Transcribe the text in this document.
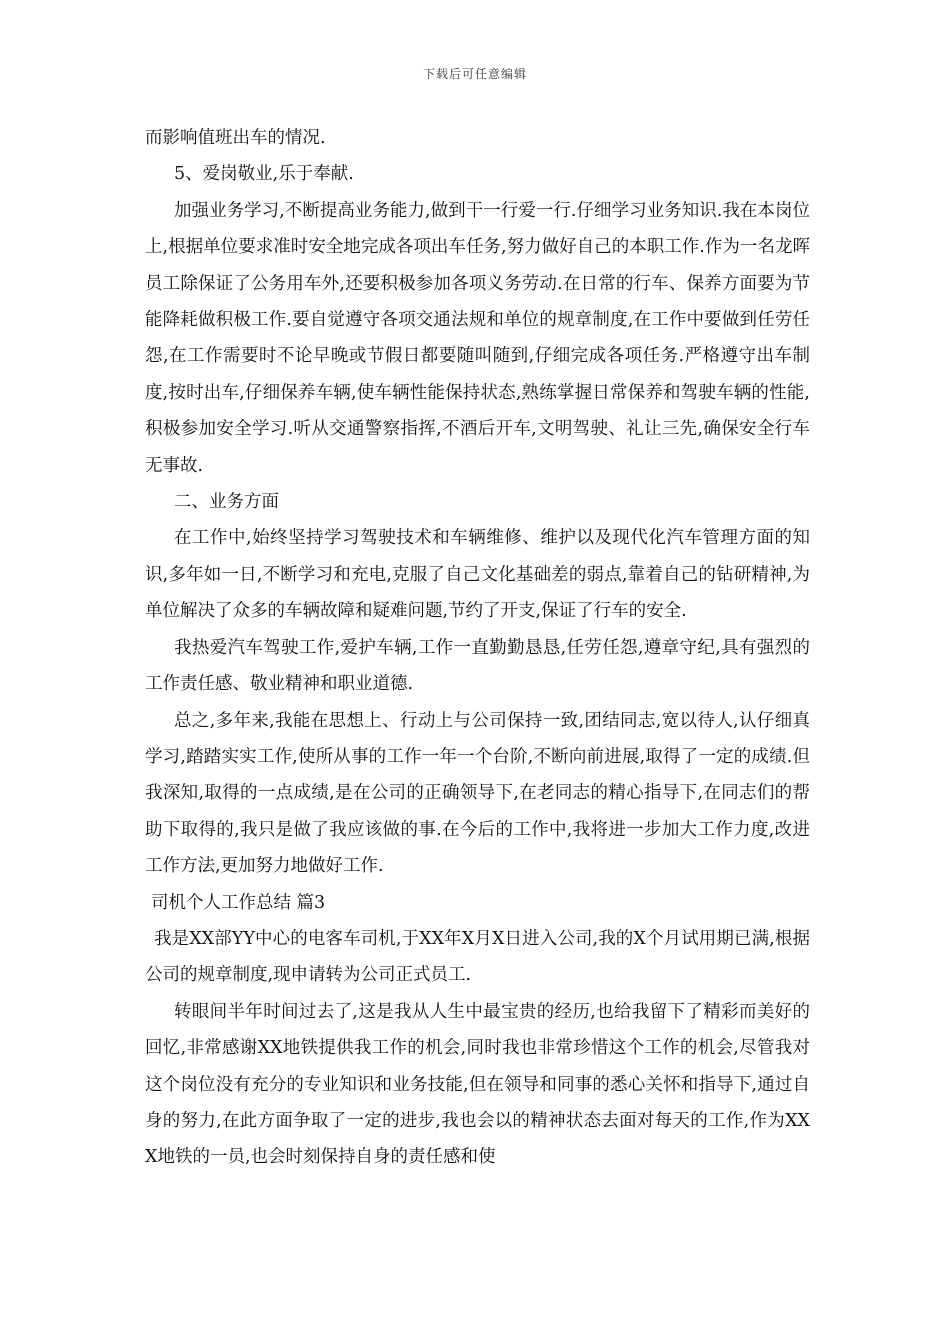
下载后可任意编辑

而影响值班出车的情况.

5、爱岗敬业,乐于奉献.

加强业务学习,不断提高业务能力,做到干一行爱一行.仔细学习业务知识.我在本岗位上,根据单位要求准时安全地完成各项出车任务,努力做好自己的本职工作.作为一名龙晖员工除保证了公务用车外,还要积极参加各项义务劳动.在日常的行车、保养方面要为节能降耗做积极工作.要自觉遵守各项交通法规和单位的规章制度,在工作中要做到任劳任怨,在工作需要时不论早晚或节假日都要随叫随到,仔细完成各项任务.严格遵守出车制度,按时出车,仔细保养车辆,使车辆性能保持状态,熟练掌握日常保养和驾驶车辆的性能,积极参加安全学习.听从交通警察指挥,不酒后开车,文明驾驶、礼让三先,确保安全行车无事故.

二、业务方面

在工作中,始终坚持学习驾驶技术和车辆维修、维护以及现代化汽车管理方面的知识,多年如一日,不断学习和充电,克服了自己文化基础差的弱点,靠着自己的钻研精神,为单位解决了众多的车辆故障和疑难问题,节约了开支,保证了行车的安全.

我热爱汽车驾驶工作,爱护车辆,工作一直勤勤恳恳,任劳任怨,遵章守纪,具有强烈的工作责任感、敬业精神和职业道德.

总之,多年来,我能在思想上、行动上与公司保持一致,团结同志,宽以待人,认仔细真学习,踏踏实实工作,使所从事的工作一年一个台阶,不断向前进展,取得了一定的成绩.但我深知,取得的一点成绩,是在公司的正确领导下,在老同志的精心指导下,在同志们的帮助下取得的,我只是做了我应该做的事.在今后的工作中,我将进一步加大工作力度,改进工作方法,更加努力地做好工作.

司机个人工作总结 篇3

我是XX部YY中心的电客车司机,于XX年X月X日进入公司,我的X个月试用期已满,根据公司的规章制度,现申请转为公司正式员工.

转眼间半年时间过去了,这是我从人生中最宝贵的经历,也给我留下了精彩而美好的回忆,非常感谢XX地铁提供我工作的机会,同时我也非常珍惜这个工作的机会,尽管我对这个岗位没有充分的专业知识和业务技能,但在领导和同事的悉心关怀和指导下,通过自身的努力,在此方面争取了一定的进步,我也会以的精神状态去面对每天的工作,作为XXX地铁的一员,也会时刻保持自身的责任感和使
